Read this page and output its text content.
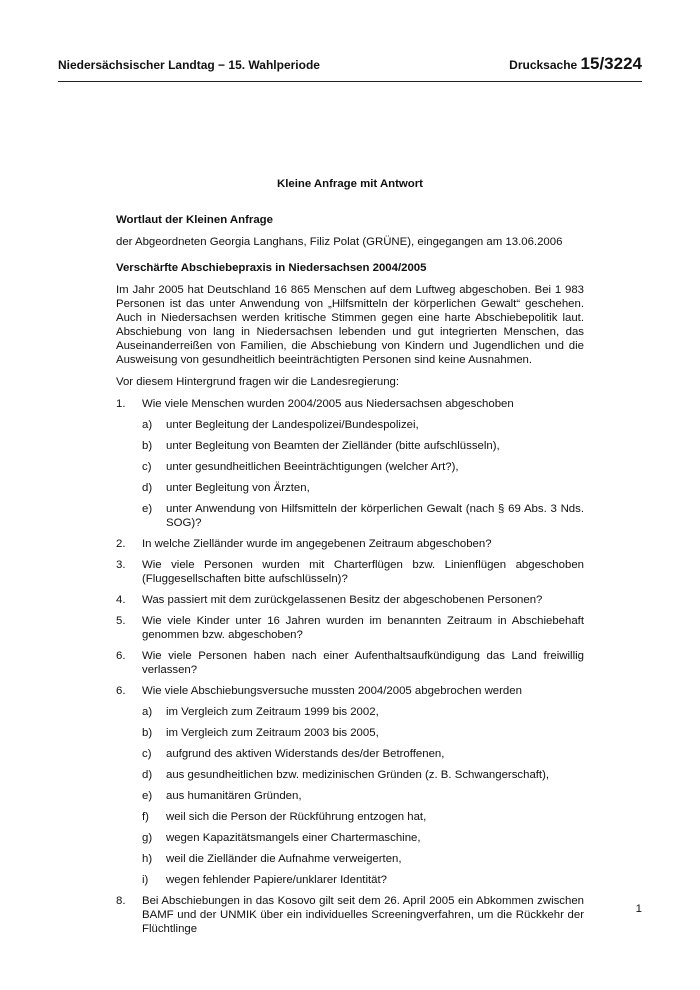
Niedersächsischer Landtag − 15. Wahlperiode	Drucksache 15/3224
Kleine Anfrage mit Antwort
Wortlaut der Kleinen Anfrage
der Abgeordneten Georgia Langhans, Filiz Polat (GRÜNE), eingegangen am 13.06.2006
Verschärfte Abschiebepraxis in Niedersachsen 2004/2005
Im Jahr 2005 hat Deutschland 16 865 Menschen auf dem Luftweg abgeschoben. Bei 1 983 Personen ist das unter Anwendung von „Hilfsmitteln der körperlichen Gewalt“ geschehen. Auch in Niedersachsen werden kritische Stimmen gegen eine harte Abschiebepolitik laut. Abschiebung von lang in Niedersachsen lebenden und gut integrierten Menschen, das Auseinanderreißen von Familien, die Abschiebung von Kindern und Jugendlichen und die Ausweisung von gesundheitlich beeinträchtigten Personen sind keine Ausnahmen.
Vor diesem Hintergrund fragen wir die Landesregierung:
1. Wie viele Menschen wurden 2004/2005 aus Niedersachsen abgeschoben
a) unter Begleitung der Landespolizei/Bundespolizei,
b) unter Begleitung von Beamten der Zielländer (bitte aufschlüsseln),
c) unter gesundheitlichen Beeinträchtigungen (welcher Art?),
d) unter Begleitung von Ärzten,
e) unter Anwendung von Hilfsmitteln der körperlichen Gewalt (nach § 69 Abs. 3 Nds. SOG)?
2. In welche Zielländer wurde im angegebenen Zeitraum abgeschoben?
3. Wie viele Personen wurden mit Charterflügen bzw. Linienflügen abgeschoben (Fluggesellschaften bitte aufschlüsseln)?
4. Was passiert mit dem zurückgelassenen Besitz der abgeschobenen Personen?
5. Wie viele Kinder unter 16 Jahren wurden im benannten Zeitraum in Abschiebehaft genommen bzw. abgeschoben?
6. Wie viele Personen haben nach einer Aufenthaltsaufkündigung das Land freiwillig verlassen?
6. Wie viele Abschiebungsversuche mussten 2004/2005 abgebrochen werden
a) im Vergleich zum Zeitraum 1999 bis 2002,
b) im Vergleich zum Zeitraum 2003 bis 2005,
c) aufgrund des aktiven Widerstands des/der Betroffenen,
d) aus gesundheitlichen bzw. medizinischen Gründen (z. B. Schwangerschaft),
e) aus humanitären Gründen,
f) weil sich die Person der Rückführung entzogen hat,
g) wegen Kapazitätsmangels einer Chartermaschine,
h) weil die Zielländer die Aufnahme verweigerten,
i) wegen fehlender Papiere/unklarer Identität?
8. Bei Abschiebungen in das Kosovo gilt seit dem 26. April 2005 ein Abkommen zwischen BAMF und der UNMIK über ein individuelles Screeningverfahren, um die Rückkehr der Flüchtlinge
1
